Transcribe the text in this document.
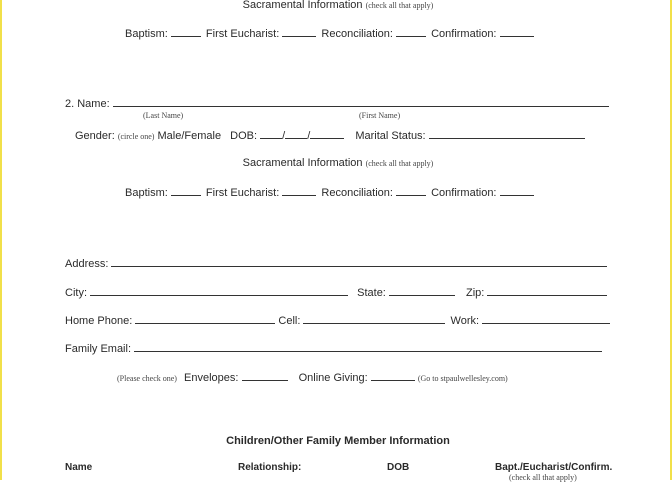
Sacramental Information (check all that apply)
Baptism:	First Eucharist:	Reconciliation:	Confirmation:
2. Name:
(Last Name)	(First Name)
Gender: (circle one) Male/Female DOB: / /	Marital Status:
Sacramental Information (check all that apply)
Baptism:	First Eucharist:	Reconciliation:	Confirmation:
Address:
City:	State:	Zip:
Home Phone:	Cell:	Work:
Family Email:
(Please check one) Envelopes:	Online Giving:	(Go to stpaulwellesley.com)
Children/Other Family Member Information
Name	Relationship:	DOB	Bapt./Eucharist/Confirm.
(check all that apply)
